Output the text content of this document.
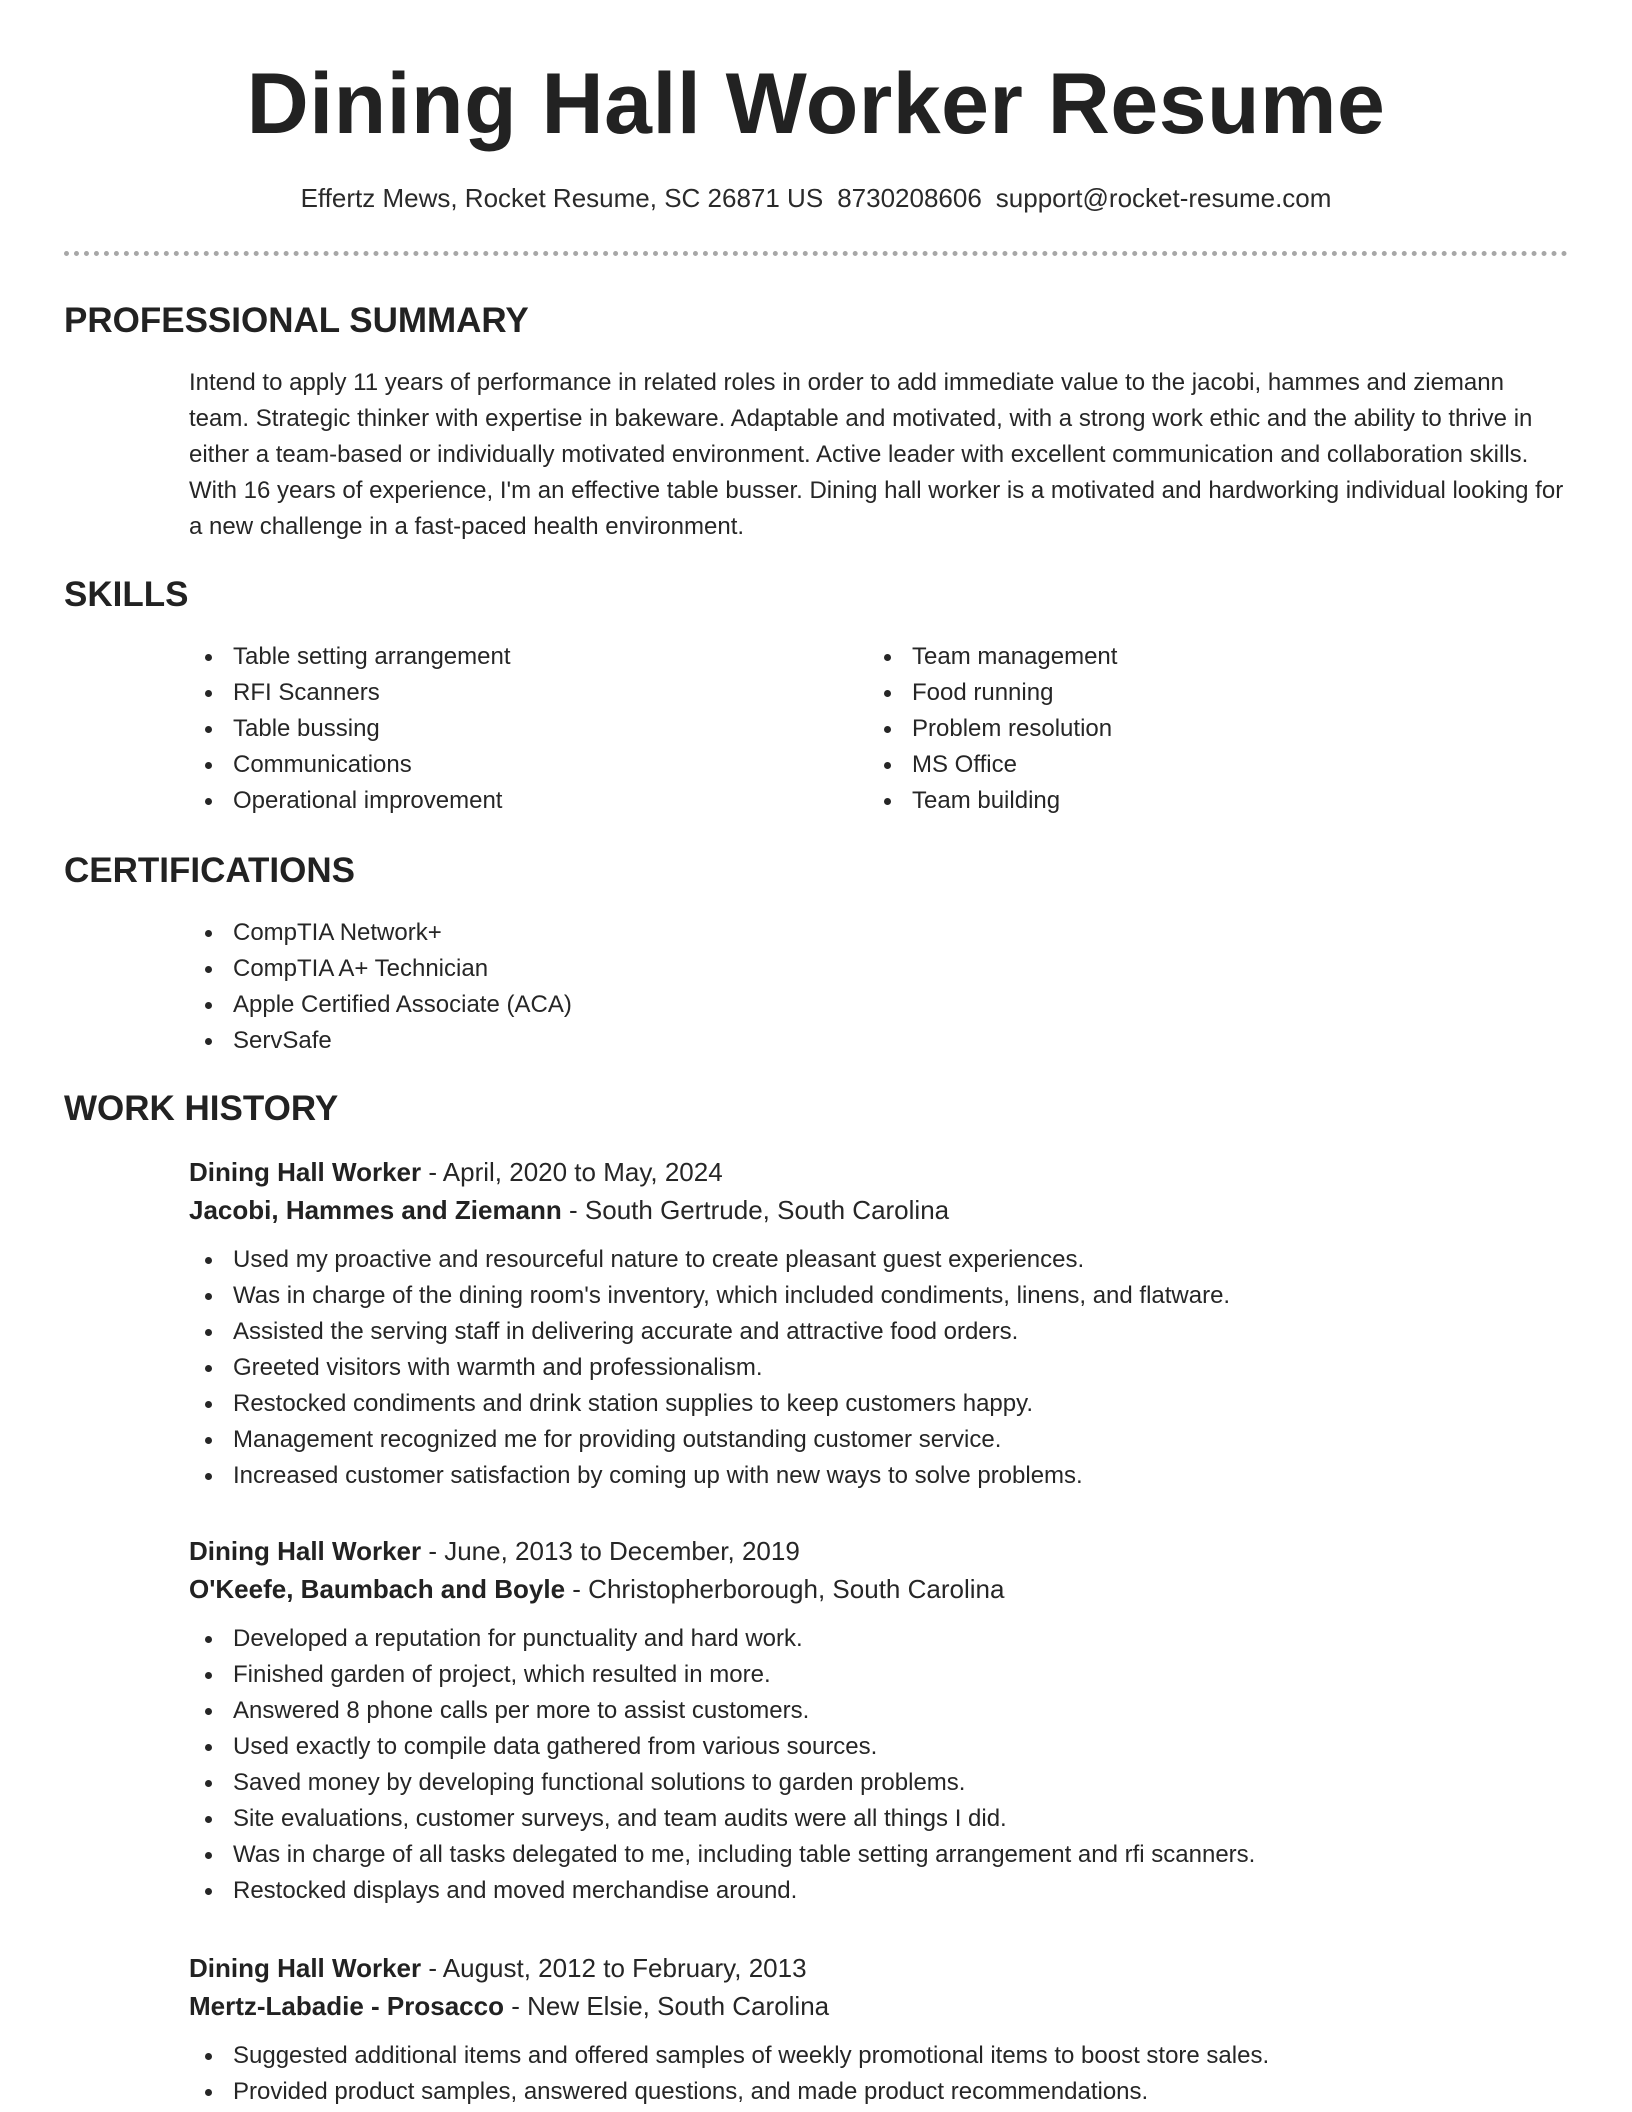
Dining Hall Worker Resume
Effertz Mews, Rocket Resume, SC 26871 US 8730208606 support@rocket-resume.com
PROFESSIONAL SUMMARY
Intend to apply 11 years of performance in related roles in order to add immediate value to the jacobi, hammes and ziemann team. Strategic thinker with expertise in bakeware. Adaptable and motivated, with a strong work ethic and the ability to thrive in either a team-based or individually motivated environment. Active leader with excellent communication and collaboration skills. With 16 years of experience, I'm an effective table busser. Dining hall worker is a motivated and hardworking individual looking for a new challenge in a fast-paced health environment.
SKILLS
Table setting arrangement
RFI Scanners
Table bussing
Communications
Operational improvement
Team management
Food running
Problem resolution
MS Office
Team building
CERTIFICATIONS
CompTIA Network+
CompTIA A+ Technician
Apple Certified Associate (ACA)
ServSafe
WORK HISTORY
Dining Hall Worker - April, 2020 to May, 2024
Jacobi, Hammes and Ziemann - South Gertrude, South Carolina
Used my proactive and resourceful nature to create pleasant guest experiences.
Was in charge of the dining room's inventory, which included condiments, linens, and flatware.
Assisted the serving staff in delivering accurate and attractive food orders.
Greeted visitors with warmth and professionalism.
Restocked condiments and drink station supplies to keep customers happy.
Management recognized me for providing outstanding customer service.
Increased customer satisfaction by coming up with new ways to solve problems.
Dining Hall Worker - June, 2013 to December, 2019
O'Keefe, Baumbach and Boyle - Christopherborough, South Carolina
Developed a reputation for punctuality and hard work.
Finished garden of project, which resulted in more.
Answered 8 phone calls per more to assist customers.
Used exactly to compile data gathered from various sources.
Saved money by developing functional solutions to garden problems.
Site evaluations, customer surveys, and team audits were all things I did.
Was in charge of all tasks delegated to me, including table setting arrangement and rfi scanners.
Restocked displays and moved merchandise around.
Dining Hall Worker - August, 2012 to February, 2013
Mertz-Labadie - Prosacco - New Elsie, South Carolina
Suggested additional items and offered samples of weekly promotional items to boost store sales.
Provided product samples, answered questions, and made product recommendations.
